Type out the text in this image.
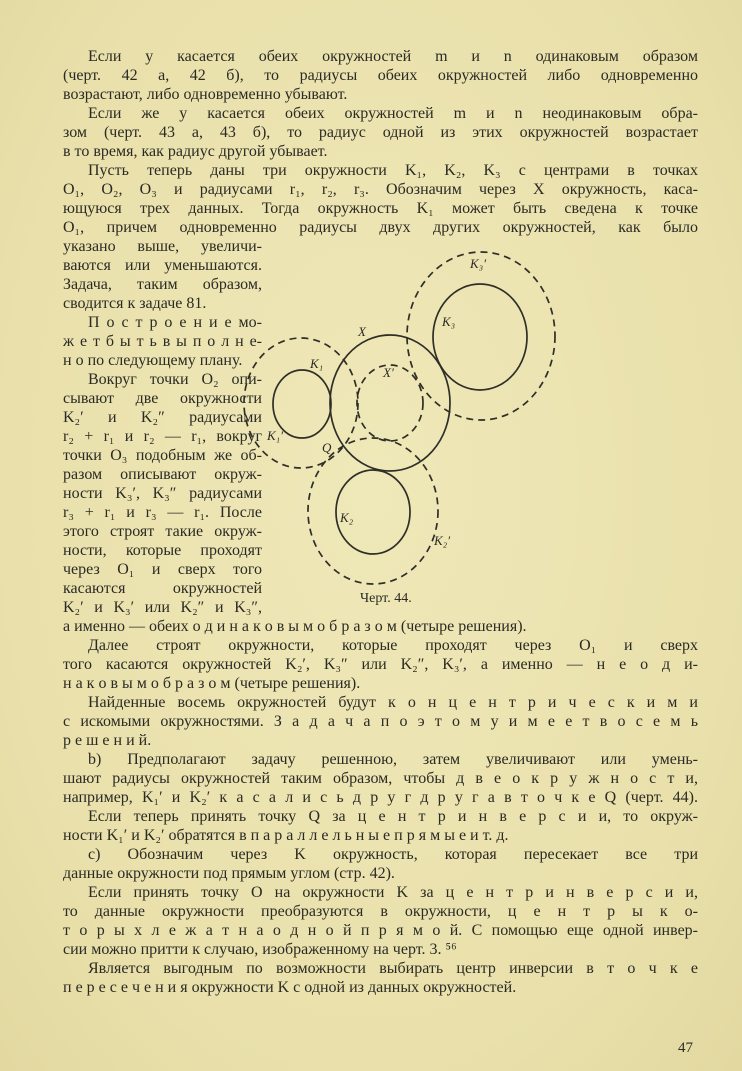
Если y касается обеих окружностей m и n одинаковым образом
(черт. 42 а, 42 б), то радиусы обеих окружностей либо одновременно
возрастают, либо одновременно убывают.
Если же y касается обеих окружностей m и n неодинаковым обра-
зом (черт. 43 а, 43 б), то радиус одной из этих окружностей возрастает
в то время, как радиус другой убывает.
Пусть теперь даны три окружности K₁, K₂, K₃ с центрами в точках
O₁, O₂, O₃ и радиусами r₁, r₂, r₃. Обозначим через X окружность, каса-
ющуюся трех данных. Тогда окружность K₁ может быть сведена к точке
O₁, причем одновременно радиусы двух других окружностей, как было
указано выше, увеличи-
ваются или уменьшаются.
Задача, таким образом,
сводится к задаче 81.
П о с т р о е н и е мо-
ж е т б ы т ь в ы п о л н е-
н о по следующему плану.
Вокруг точки O₂ опи-
сывают две окружности
K₂′ и K₂″ радиусами
r₂ + r₁ и r₂ — r₁, вокруг
точки O₃ подобным же об-
разом описывают окруж-
ности K₃′, K₃″ радиусами
r₃ + r₁ и r₃ — r₁. После
этого строят такие окруж-
ности, которые проходят
через O₁ и сверх того
касаются окружностей
K₂′ и K₃′ или K₂″ и K₃″,
а именно — обеих о д и н а к о в ы м о б р а з о м (четыре решения).
Далее строят окружности, которые проходят через O₁ и сверх
того касаются окружностей K₂′, K₃″ или K₂″, K₃′, а именно — н е о д и-
н а к о в ы м о б р а з о м (четыре решения).
Найденные восемь окружностей будут к о н ц е н т р и ч е с к и м и
с искомыми окружностями. З а д а ч а п о э т о м у и м е е т в о с е м ь
р е ш е н и й.
b) Предполагают задачу решенною, затем увеличивают или умень-
шают радиусы окружностей таким образом, чтобы д в е о к р у ж н о с т и,
например, K₁′ и K₂′ к а с а л и с ь д р у г д р у г а в т о ч к е Q (черт. 44).
Если теперь принять точку Q за ц е н т р и н в е р с и и, то окруж-
ности K₁′ и K₂′ обратятся в п а р а л л е л ь н ы е п р я м ы е и т. д.
c) Обозначим через K окружность, которая пересекает все три
данные окружности под прямым углом (стр. 42).
Если принять точку O на окружности K за ц е н т р и н в е р с и и,
то данные окружности преобразуются в окружности, ц е н т р ы к о-
т о р ы х л е ж а т н а о д н о й п р я м о й. С помощью еще одной инвер-
сии можно притти к случаю, изображенному на черт. 3. ⁵⁶
Является выгодным по возможности выбирать центр инверсии в т о ч к е
п е р е с е ч е н и я окружности K с одной из данных окружностей.
K₁
K₁′
Q
X
X′
K₃′
K₃
K₂
K₂′
Черт. 44.
47
